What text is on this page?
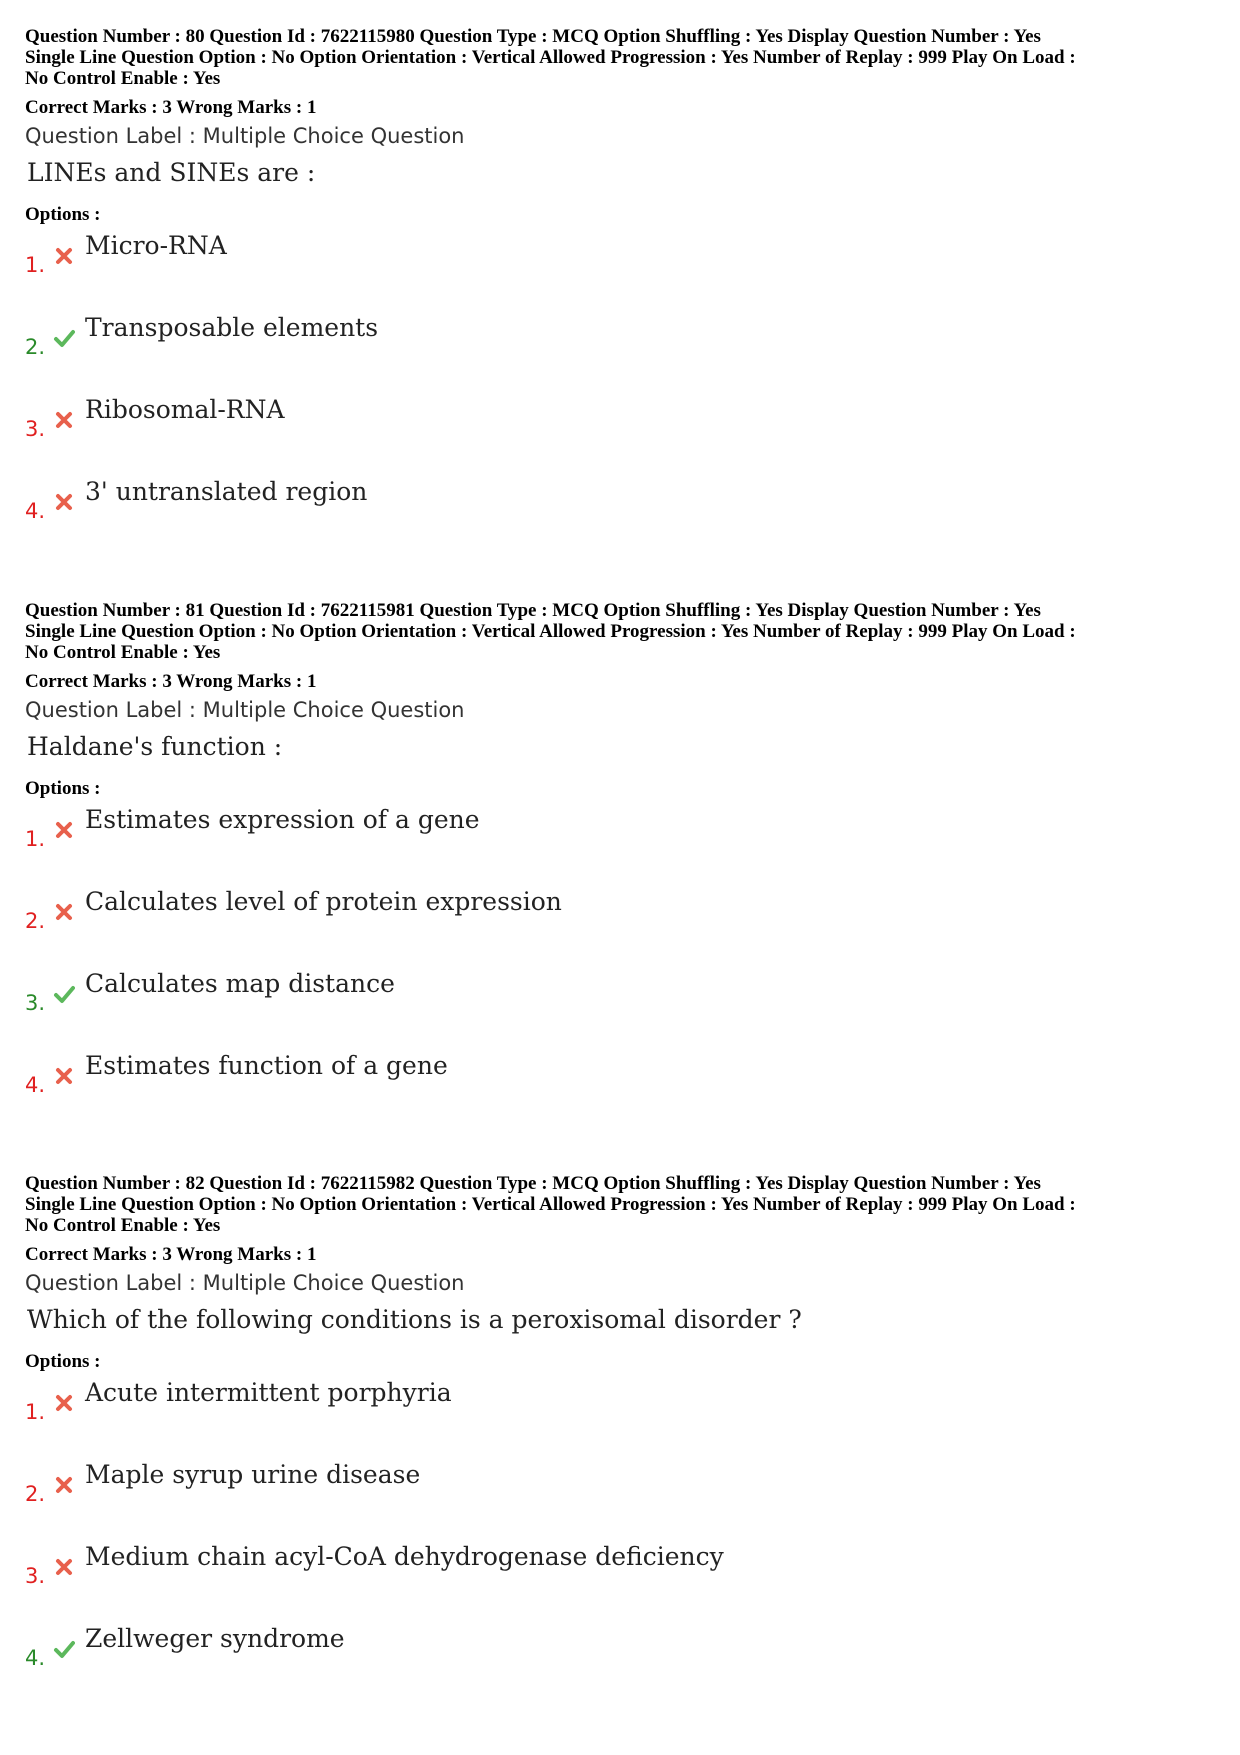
Question Number : 80 Question Id : 7622115980 Question Type : MCQ Option Shuffling : Yes Display Question Number : Yes

Single Line Question Option : No Option Orientation : Vertical Allowed Progression : Yes Number of Replay : 999 Play On Load :

No Control Enable : Yes

Correct Marks : 3 Wrong Marks : 1

Question Label : Multiple Choice Question

LINEs and SINEs are :

Options :

1.
Micro-RNA
2.
Transposable elements
3.
Ribosomal-RNA
4.
3' untranslated region

Question Number : 81 Question Id : 7622115981 Question Type : MCQ Option Shuffling : Yes Display Question Number : Yes

Single Line Question Option : No Option Orientation : Vertical Allowed Progression : Yes Number of Replay : 999 Play On Load :

No Control Enable : Yes

Correct Marks : 3 Wrong Marks : 1

Question Label : Multiple Choice Question

Haldane's function :

Options :

1.
Estimates expression of a gene
2.
Calculates level of protein expression
3.
Calculates map distance
4.
Estimates function of a gene

Question Number : 82 Question Id : 7622115982 Question Type : MCQ Option Shuffling : Yes Display Question Number : Yes

Single Line Question Option : No Option Orientation : Vertical Allowed Progression : Yes Number of Replay : 999 Play On Load :

No Control Enable : Yes

Correct Marks : 3 Wrong Marks : 1

Question Label : Multiple Choice Question

Which of the following conditions is a peroxisomal disorder ?

Options :

1.
Acute intermittent porphyria
2.
Maple syrup urine disease
3.
Medium chain acyl-CoA dehydrogenase deficiency
4.
Zellweger syndrome
